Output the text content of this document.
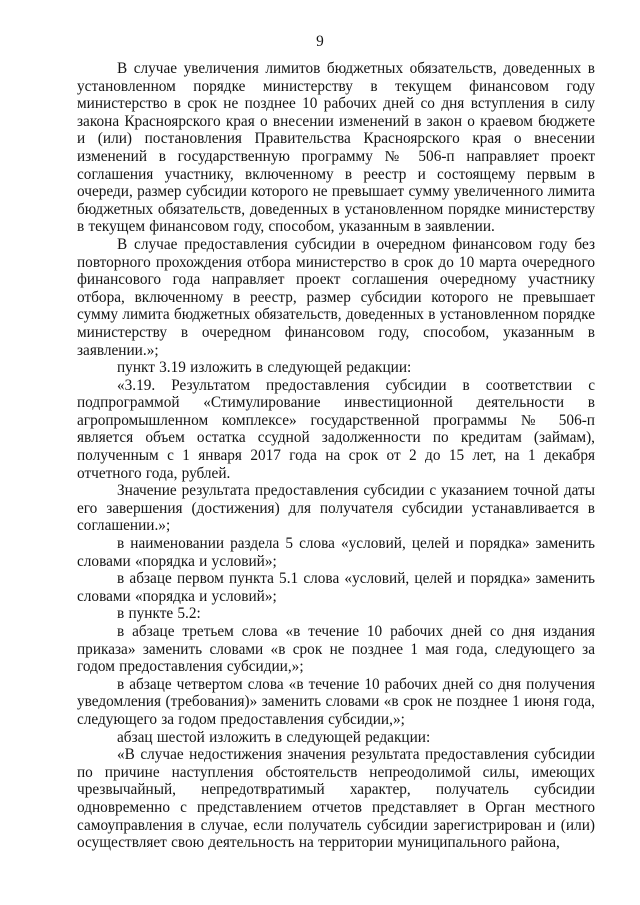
9

В случае увеличения лимитов бюджетных обязательств, доведенных в установленном порядке министерству в текущем финансовом году министерство в срок не позднее 10 рабочих дней со дня вступления в силу закона Красноярского края о внесении изменений в закон о краевом бюджете и (или) постановления Правительства Красноярского края о внесении изменений в государственную программу № 506-п направляет проект соглашения участнику, включенному в реестр и состоящему первым в очереди, размер субсидии которого не превышает сумму увеличенного лимита бюджетных обязательств, доведенных в установленном порядке министерству в текущем финансовом году, способом, указанным в заявлении.

В случае предоставления субсидии в очередном финансовом году без повторного прохождения отбора министерство в срок до 10 марта очередного финансового года направляет проект соглашения очередному участнику отбора, включенному в реестр, размер субсидии которого не превышает сумму лимита бюджетных обязательств, доведенных в установленном порядке министерству в очередном финансовом году, способом, указанным в заявлении.»;

пункт 3.19 изложить в следующей редакции:

«3.19. Результатом предоставления субсидии в соответствии с подпрограммой «Стимулирование инвестиционной деятельности в агропромышленном комплексе» государственной программы № 506-п является объем остатка ссудной задолженности по кредитам (займам), полученным с 1 января 2017 года на срок от 2 до 15 лет, на 1 декабря отчетного года, рублей.

Значение результата предоставления субсидии с указанием точной даты его завершения (достижения) для получателя субсидии устанавливается в соглашении.»;

в наименовании раздела 5 слова «условий, целей и порядка» заменить словами «порядка и условий»;

в абзаце первом пункта 5.1 слова «условий, целей и порядка» заменить словами «порядка и условий»;

в пункте 5.2:

в абзаце третьем слова «в течение 10 рабочих дней со дня издания приказа» заменить словами «в срок не позднее 1 мая года, следующего за годом предоставления субсидии,»;

в абзаце четвертом слова «в течение 10 рабочих дней со дня получения уведомления (требования)» заменить словами «в срок не позднее 1 июня года, следующего за годом предоставления субсидии,»;

абзац шестой изложить в следующей редакции:

«В случае недостижения значения результата предоставления субсидии по причине наступления обстоятельств непреодолимой силы, имеющих чрезвычайный, непредотвратимый характер, получатель субсидии одновременно с представлением отчетов представляет в Орган местного самоуправления в случае, если получатель субсидии зарегистрирован и (или) осуществляет свою деятельность на территории муниципального района,
